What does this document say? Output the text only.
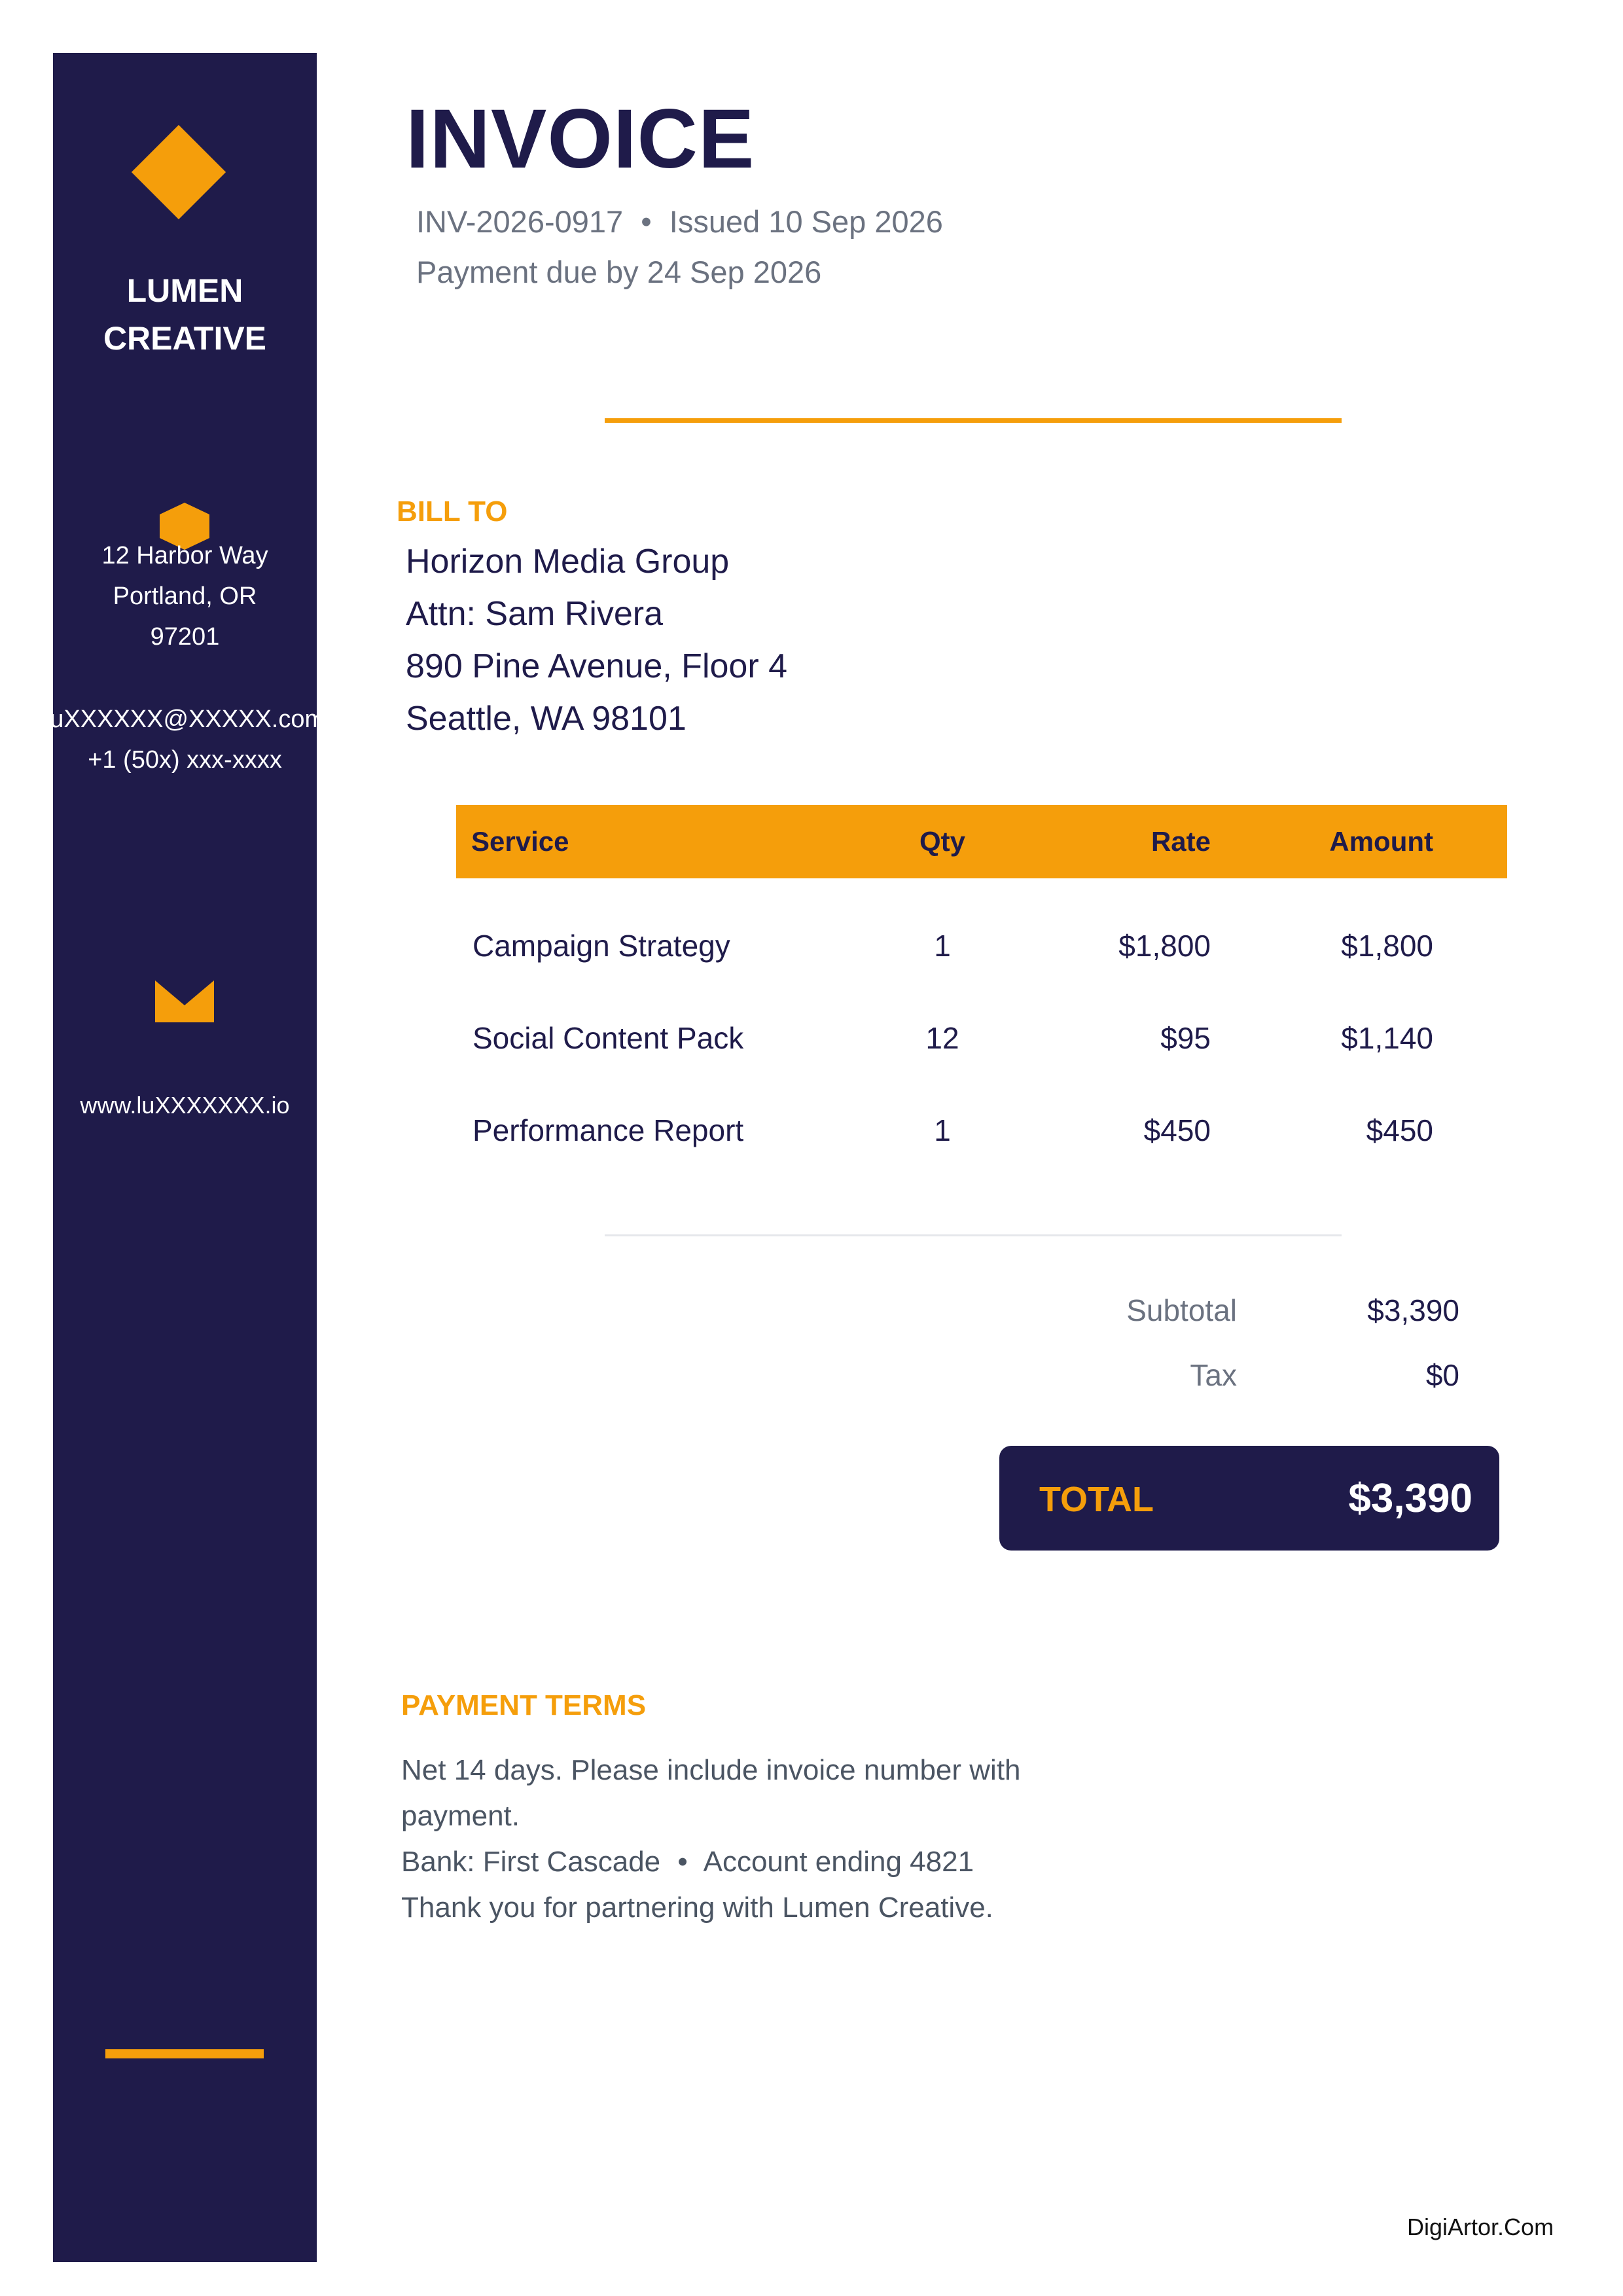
LUMEN
CREATIVE
12 Harbor Way
Portland, OR
97201
luXXXXXX@XXXXX.com
+1 (50x) xxx-xxxx
www.luXXXXXXX.io
INVOICE
INV-2026-0917 • Issued 10 Sep 2026
Payment due by 24 Sep 2026
BILL TO
Horizon Media Group
Attn: Sam Rivera
890 Pine Avenue, Floor 4
Seattle, WA 98101
Service	Qty	Rate	Amount
Campaign Strategy	1	$1,800	$1,800
Social Content Pack	12	$95	$1,140
Performance Report	1	$450	$450
Subtotal	$3,390
Tax	$0
TOTAL	$3,390
PAYMENT TERMS
Net 14 days. Please include invoice number with
payment.
Bank: First Cascade • Account ending 4821
Thank you for partnering with Lumen Creative.
DigiArtor.Com
